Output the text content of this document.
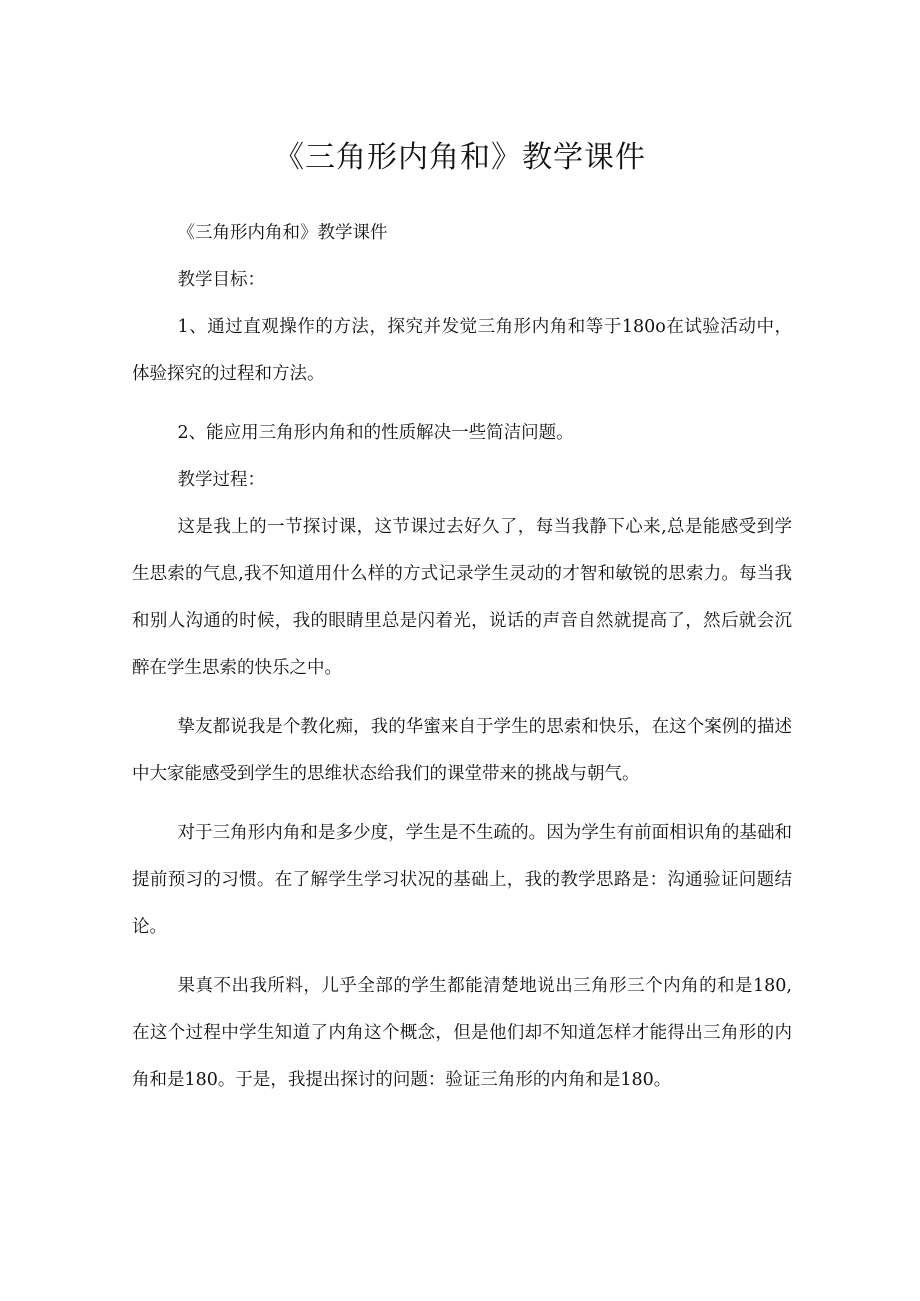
《三角形内角和》教学课件

《三角形内角和》教学课件

教学目标：

1、通过直观操作的方法，探究并发觉三角形内角和等于180o在试验活动中，体验探究的过程和方法。

2、能应用三角形内角和的性质解决一些简洁问题。

教学过程：

这是我上的一节探讨课，这节课过去好久了，每当我静下心来,总是能感受到学生思索的气息,我不知道用什么样的方式记录学生灵动的才智和敏锐的思索力。每当我和别人沟通的时候，我的眼睛里总是闪着光，说话的声音自然就提高了，然后就会沉醉在学生思索的快乐之中。

挚友都说我是个教化痴，我的华蜜来自于学生的思索和快乐，在这个案例的描述中大家能感受到学生的思维状态给我们的课堂带来的挑战与朝气。

对于三角形内角和是多少度，学生是不生疏的。因为学生有前面相识角的基础和提前预习的习惯。在了解学生学习状况的基础上，我的教学思路是：沟通验证问题结论。

果真不出我所料，儿乎全部的学生都能清楚地说出三角形三个内角的和是180,在这个过程中学生知道了内角这个概念，但是他们却不知道怎样才能得出三角形的内角和是180。于是，我提出探讨的问题：验证三角形的内角和是180。
